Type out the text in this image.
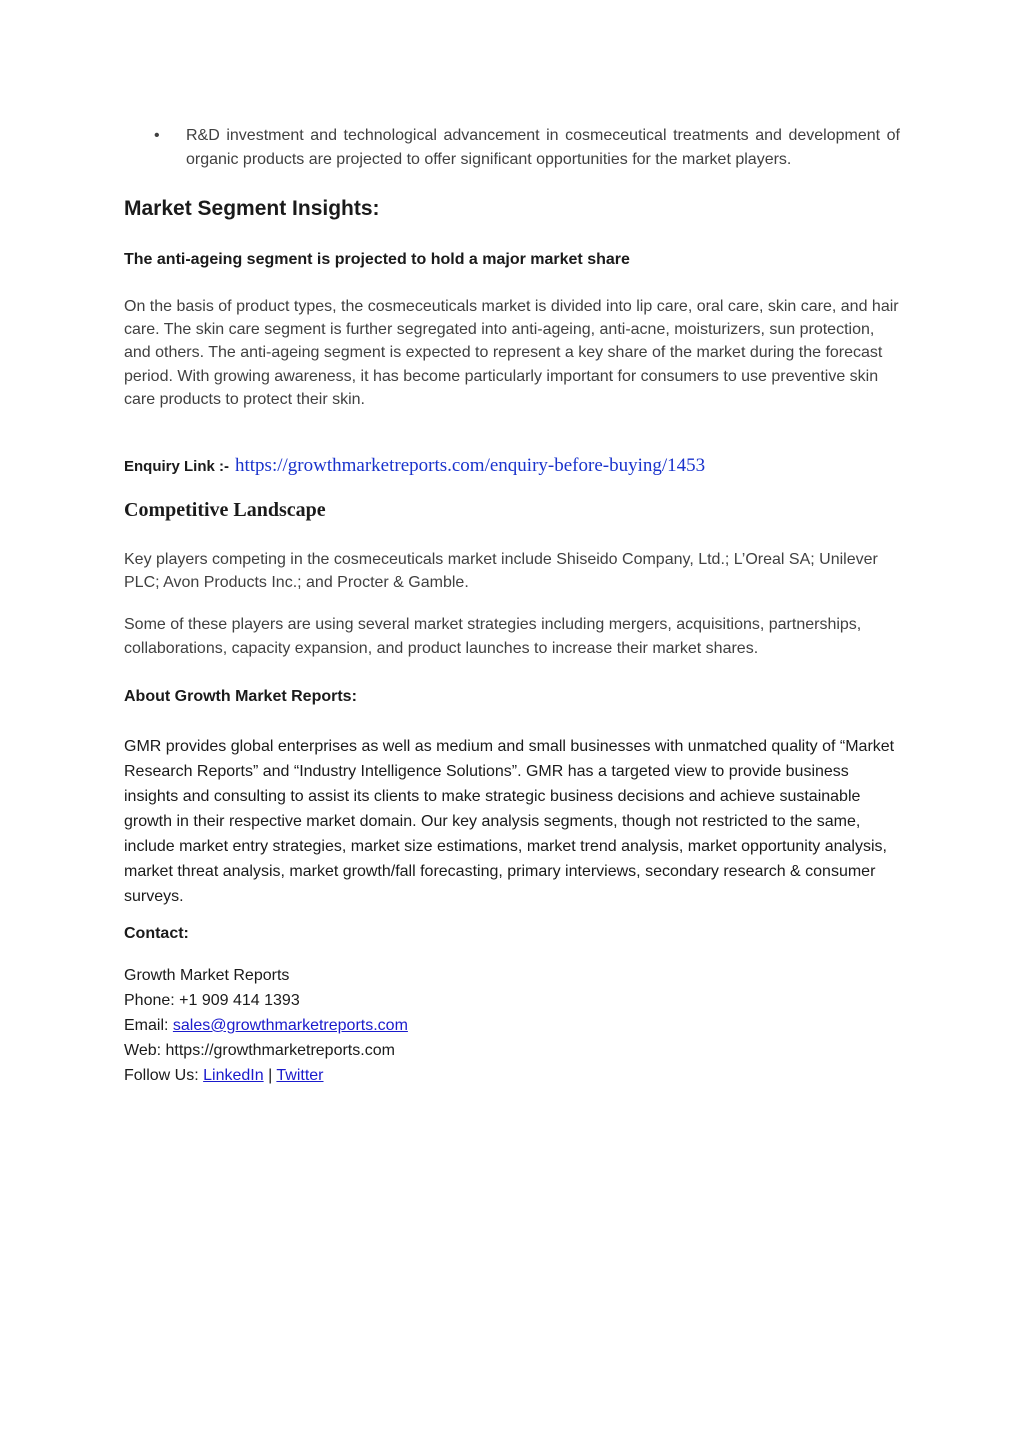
•	R&D investment and technological advancement in cosmeceutical treatments and development of organic products are projected to offer significant opportunities for the market players.
Market Segment Insights:
The anti-ageing segment is projected to hold a major market share

On the basis of product types, the cosmeceuticals market is divided into lip care, oral care, skin care, and hair care. The skin care segment is further segregated into anti-ageing, anti-acne, moisturizers, sun protection, and others. The anti-ageing segment is expected to represent a key share of the market during the forecast period. With growing awareness, it has become particularly important for consumers to use preventive skin care products to protect their skin.

Enquiry Link :- https://growthmarketreports.com/enquiry-before-buying/1453
Competitive Landscape

Key players competing in the cosmeceuticals market include Shiseido Company, Ltd.; L’Oreal SA; Unilever PLC; Avon Products Inc.; and Procter & Gamble.

Some of these players are using several market strategies including mergers, acquisitions, partnerships, collaborations, capacity expansion, and product launches to increase their market shares.

About Growth Market Reports:

GMR provides global enterprises as well as medium and small businesses with unmatched quality of “Market Research Reports” and “Industry Intelligence Solutions”. GMR has a targeted view to provide business insights and consulting to assist its clients to make strategic business decisions and achieve sustainable growth in their respective market domain. Our key analysis segments, though not restricted to the same, include market entry strategies, market size estimations, market trend analysis, market opportunity analysis, market threat analysis, market growth/fall forecasting, primary interviews, secondary research & consumer surveys.

Contact:
Growth Market Reports
Phone: +1 909 414 1393
Email: sales@growthmarketreports.com
Web: https://growthmarketreports.com
Follow Us: LinkedIn | Twitter
